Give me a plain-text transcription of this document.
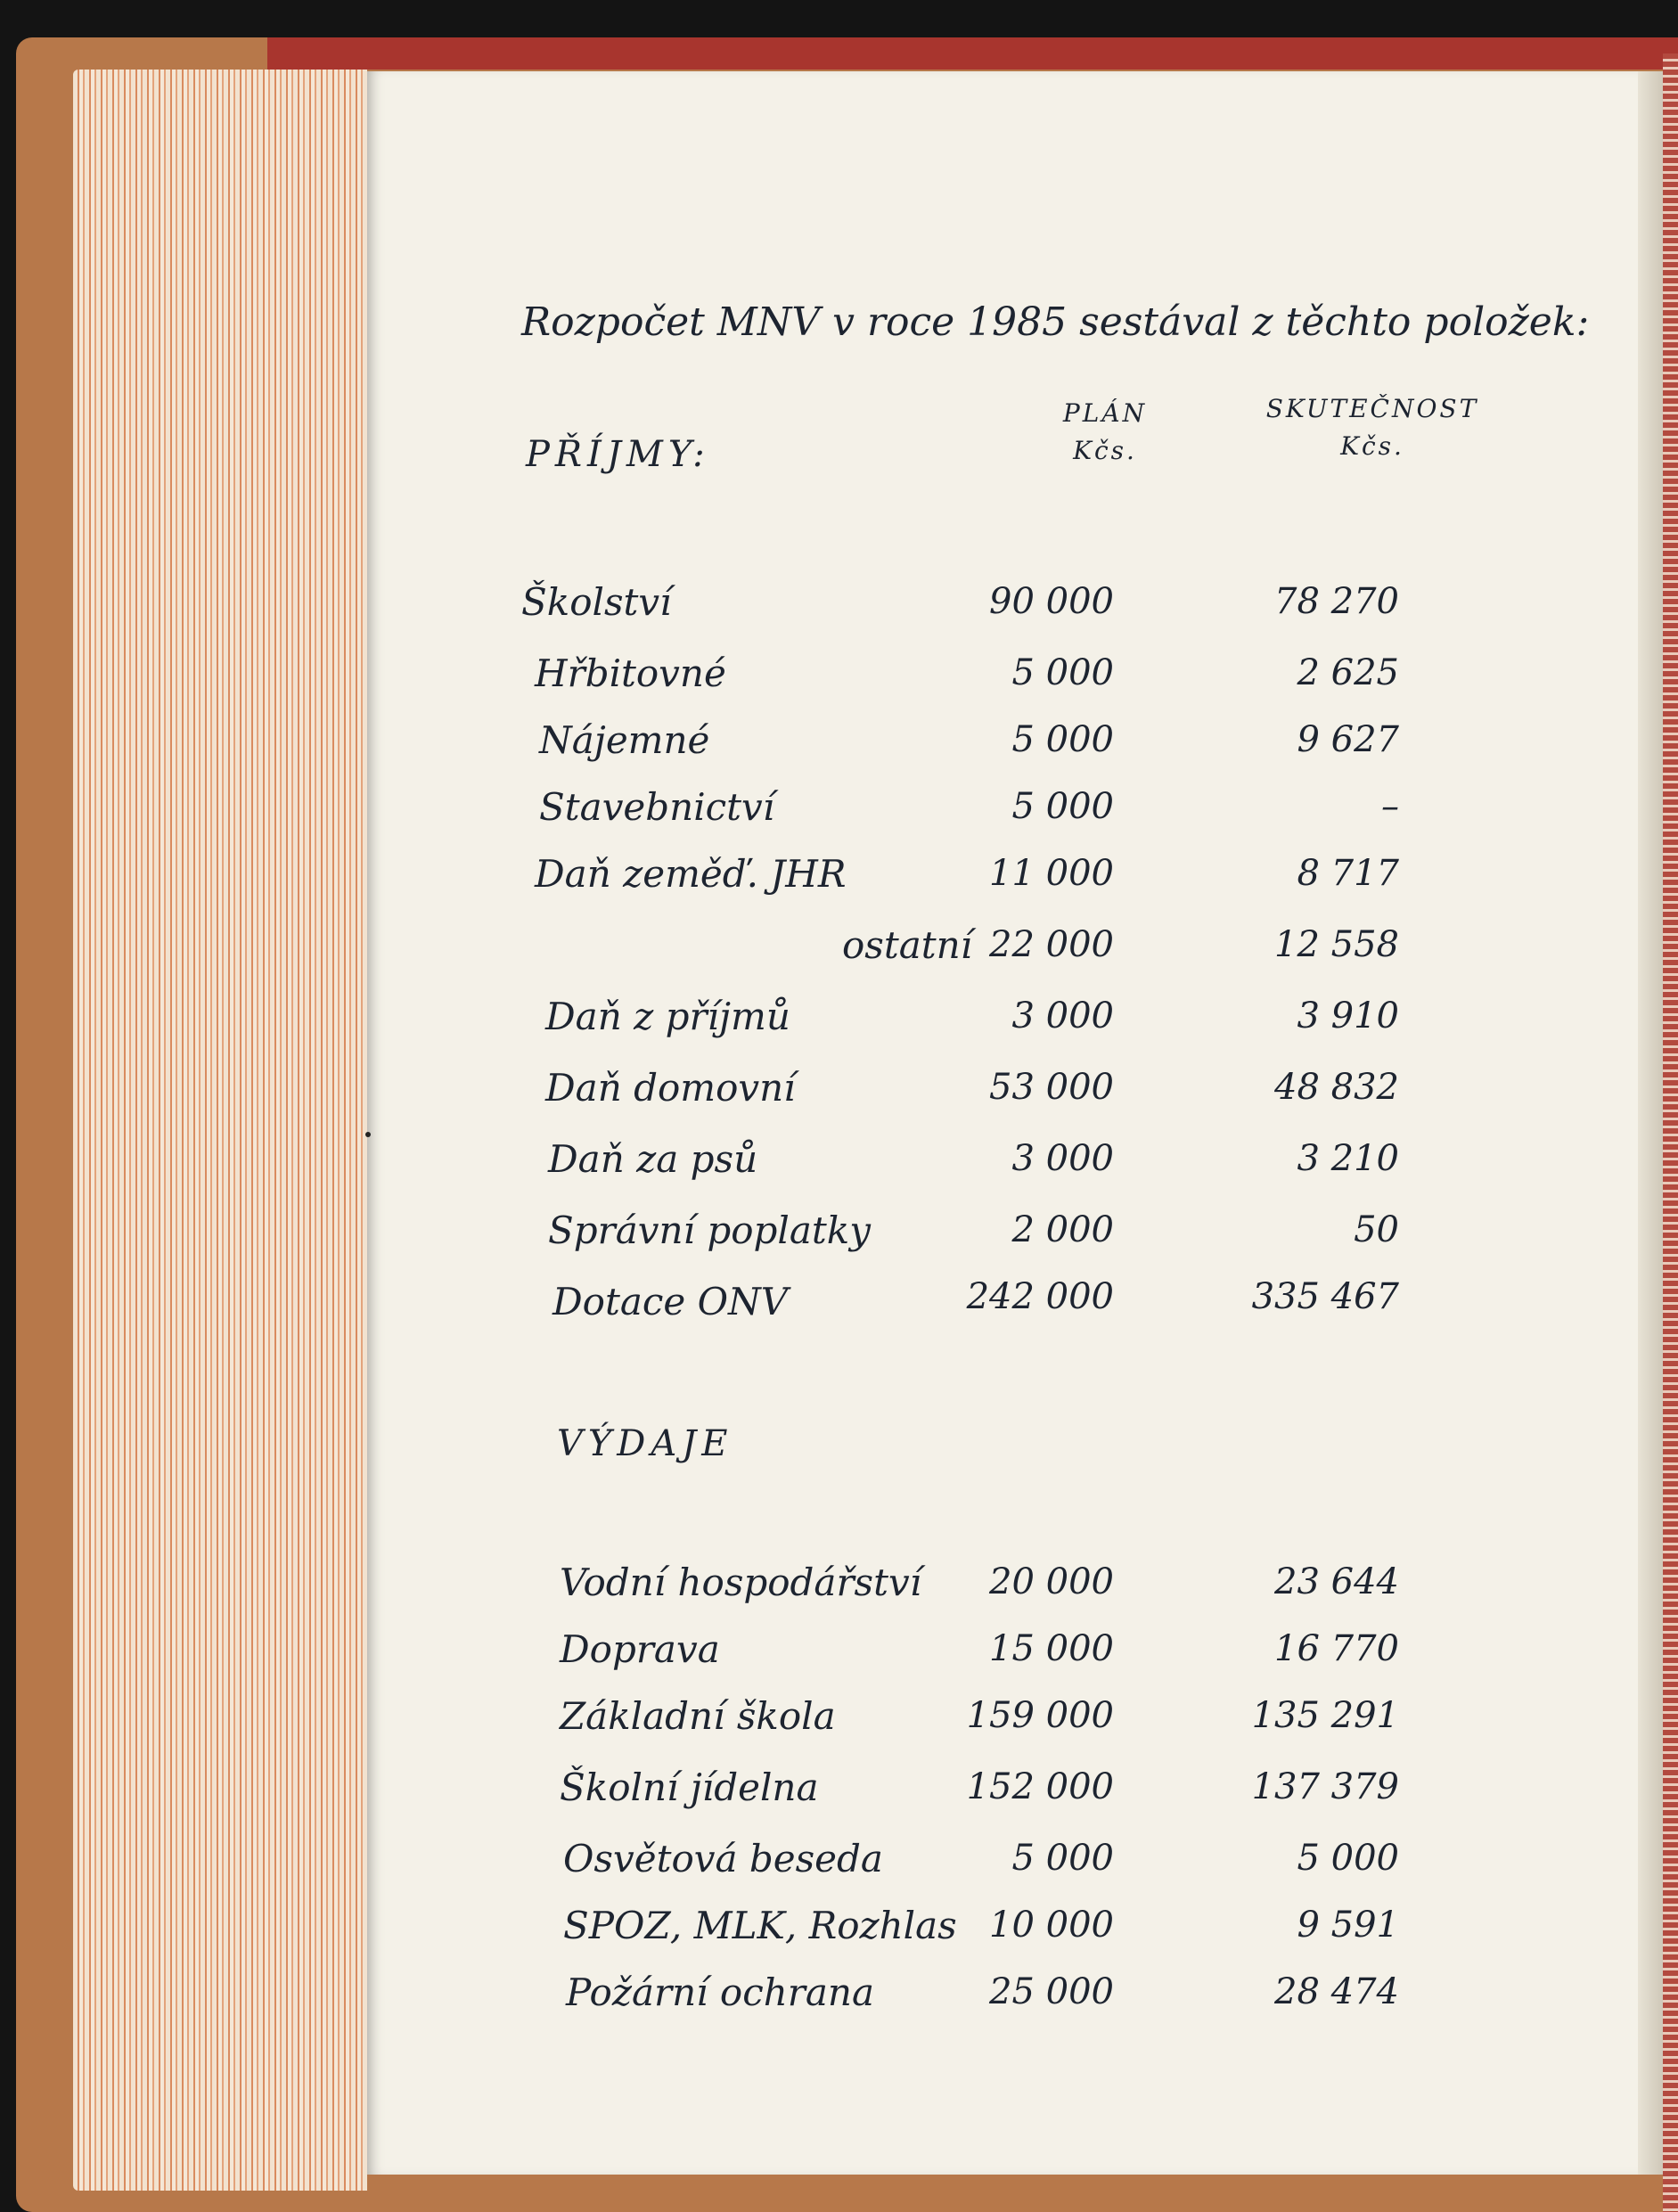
Rozpočet MNV v roce 1985 sestával z těchto položek:
PLÁN
Kčs.
SKUTEČNOST
Kčs.
PŘÍJMY:
Školství	90 000	78 270
Hřbitovné	5 000	2 625
Nájemné	5 000	9 627
Stavebnictví	5 000	–
Daň zeměď. JHR	11 000	8 717
ostatní 22 000	12 558
Daň z příjmů	3 000	3 910
Daň domovní	53 000	48 832
Daň za psů	3 000	3 210
Správní poplatky	2 000	50
Dotace ONV	242 000	335 467
VÝDAJE
Vodní hospodářství	20 000	23 644
Doprava	15 000	16 770
Základní škola	159 000	135 291
Školní jídelna	152 000	137 379
Osvětová beseda	5 000	5 000
SPOZ, MLK, Rozhlas 10 000	9 591
Požární ochrana	25 000	28 474
